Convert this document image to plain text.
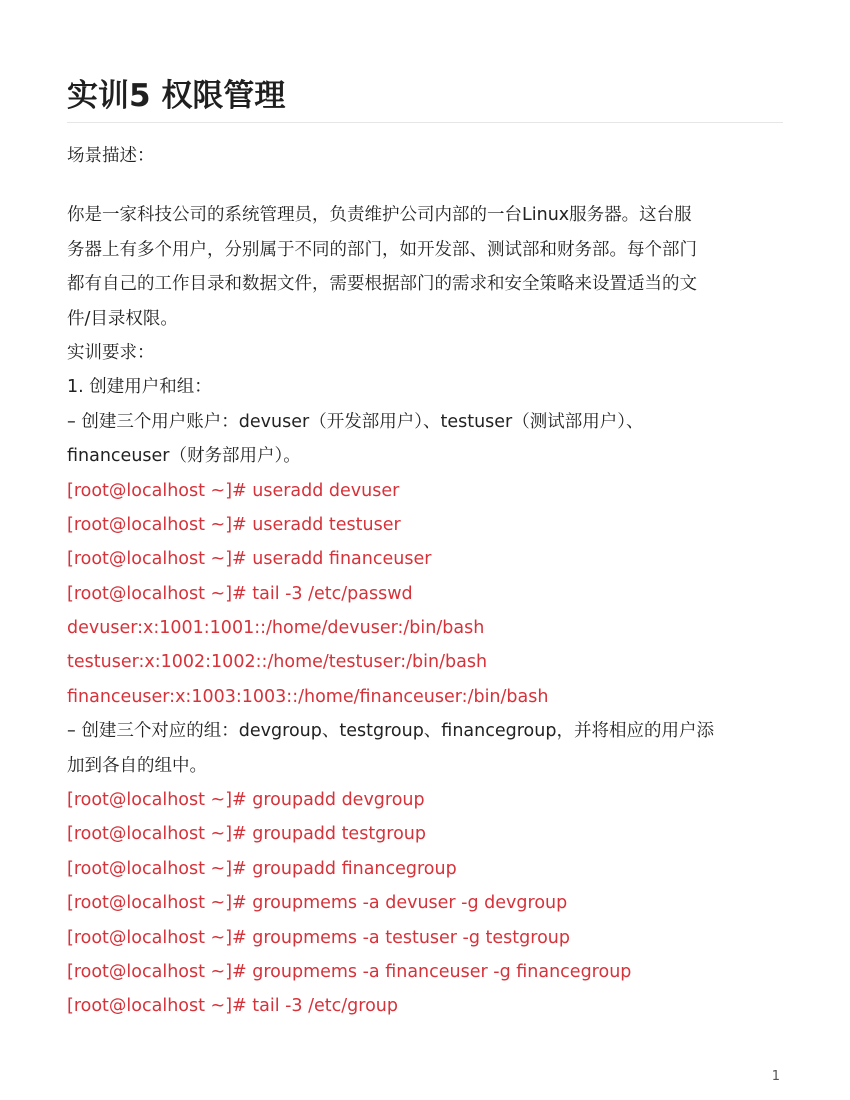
实训5 权限管理
场景描述：
你是一家科技公司的系统管理员，负责维护公司内部的一台Linux服务器。这台服
务器上有多个用户，分别属于不同的部门，如开发部、测试部和财务部。每个部门
都有自己的工作目录和数据文件，需要根据部门的需求和安全策略来设置适当的文
件/目录权限。
实训要求：
1. 创建用户和组：
– 创建三个用户账户：devuser（开发部用户）、testuser（测试部用户）、
financeuser（财务部用户）。
[root@localhost ~]# useradd devuser
[root@localhost ~]# useradd testuser
[root@localhost ~]# useradd financeuser
[root@localhost ~]# tail -3 /etc/passwd
devuser:x:1001:1001::/home/devuser:/bin/bash
testuser:x:1002:1002::/home/testuser:/bin/bash
financeuser:x:1003:1003::/home/financeuser:/bin/bash
– 创建三个对应的组：devgroup、testgroup、financegroup，并将相应的用户添
加到各自的组中。
[root@localhost ~]# groupadd devgroup
[root@localhost ~]# groupadd testgroup
[root@localhost ~]# groupadd financegroup
[root@localhost ~]# groupmems -a devuser -g devgroup
[root@localhost ~]# groupmems -a testuser -g testgroup
[root@localhost ~]# groupmems -a financeuser -g financegroup
[root@localhost ~]# tail -3 /etc/group
1
